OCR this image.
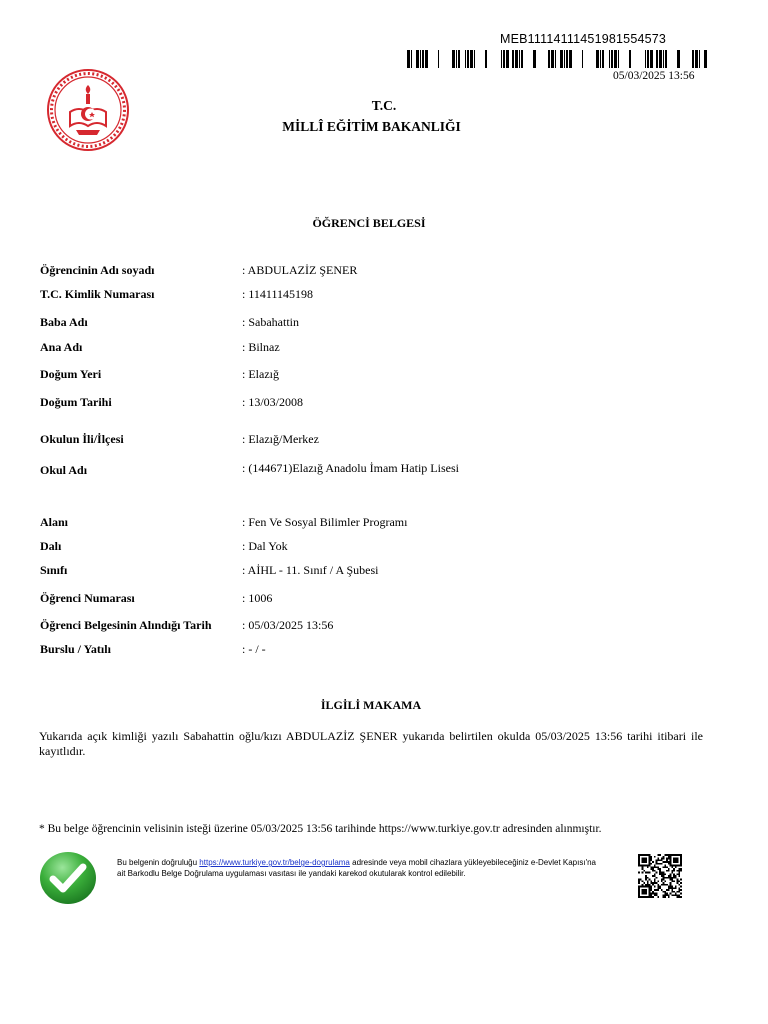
MEB11114111451981554573
05/03/2025 13:56
T.C.
MİLLÎ EĞİTİM BAKANLIĞI
ÖĞRENCİ BELGESİ
Öğrencinin Adı soyadı	: ABDULAZİZ ŞENER
T.C. Kimlik Numarası	: 11411145198
Baba Adı	: Sabahattin
Ana Adı	: Bilnaz
Doğum Yeri	: Elazığ
Doğum Tarihi	: 13/03/2008
Okulun İli/İlçesi	: Elazığ/Merkez
Okul Adı	: (144671)Elazığ Anadolu İmam Hatip Lisesi
Alanı	: Fen Ve Sosyal Bilimler Programı
Dalı	: Dal Yok
Sınıfı	: AİHL - 11. Sınıf / A Şubesi
Öğrenci Numarası	: 1006
Öğrenci Belgesinin Alındığı Tarih	: 05/03/2025 13:56
Burslu / Yatılı	: - / -
İLGİLİ MAKAMA
Yukarıda açık kimliği yazılı Sabahattin oğlu/kızı ABDULAZİZ ŞENER yukarıda belirtilen okulda 05/03/2025 13:56 tarihi itibari ile kayıtlıdır.
* Bu belge öğrencinin velisinin isteği üzerine 05/03/2025 13:56 tarihinde https://www.turkiye.gov.tr adresinden alınmıştır.
Bu belgenin doğruluğu https://www.turkiye.gov.tr/belge-dogrulama adresinde veya mobil cihazlara yükleyebileceğiniz e-Devlet Kapısı'na ait Barkodlu Belge Doğrulama uygulaması vasıtası ile yandaki karekod okutularak kontrol edilebilir.
